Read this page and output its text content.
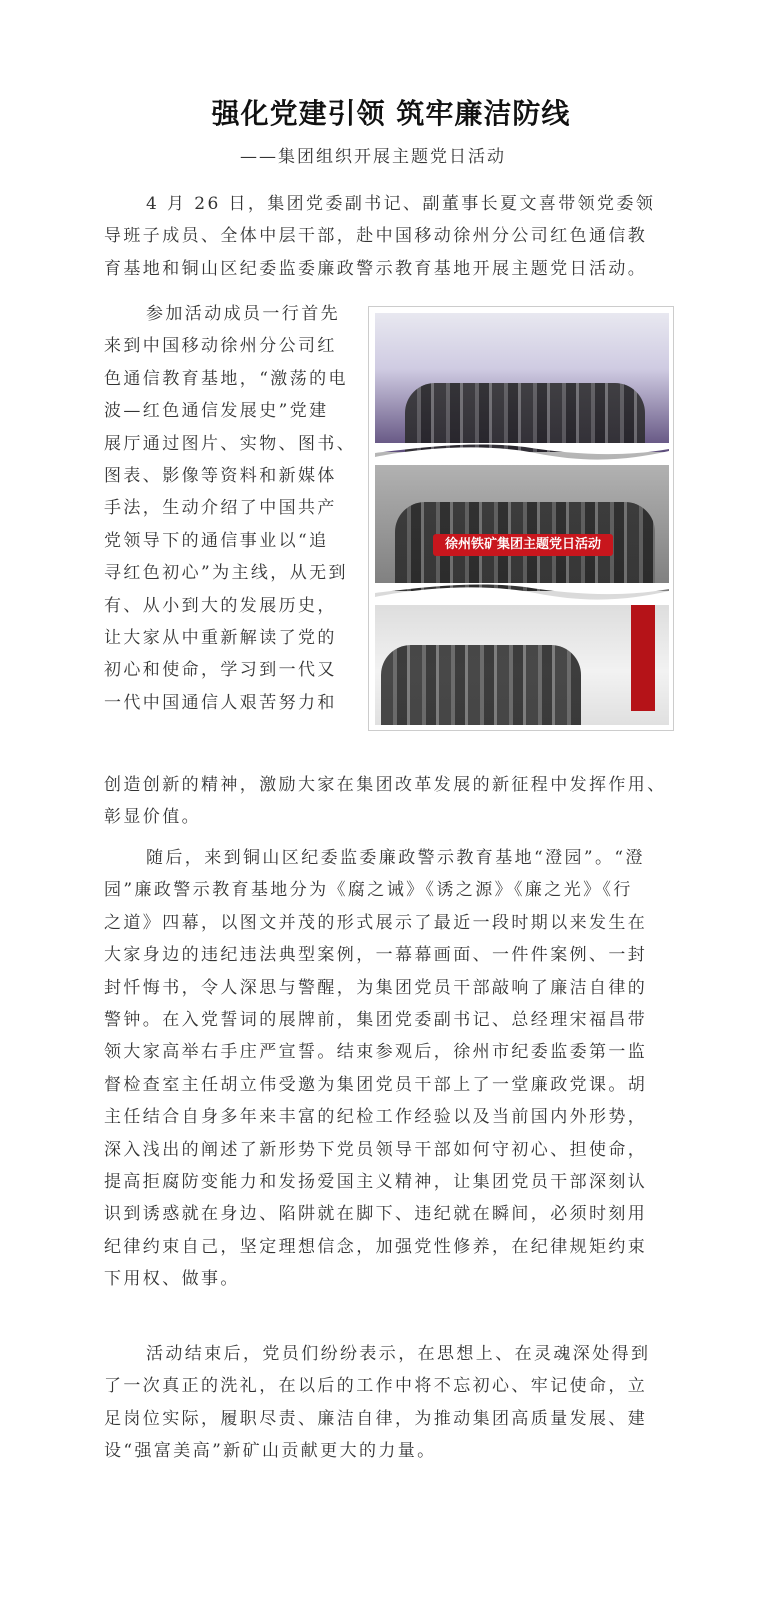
强化党建引领 筑牢廉洁防线
——集团组织开展主题党日活动
4 月 26 日，集团党委副书记、副董事长夏文喜带领党委领
导班子成员、全体中层干部，赴中国移动徐州分公司红色通信教
育基地和铜山区纪委监委廉政警示教育基地开展主题党日活动。
参加活动成员一行首先
来到中国移动徐州分公司红
色通信教育基地，“激荡的电
波—红色通信发展史”党建
展厅通过图片、实物、图书、
图表、影像等资料和新媒体
手法，生动介绍了中国共产
党领导下的通信事业以“追
寻红色初心”为主线，从无到
有、从小到大的发展历史，
让大家从中重新解读了党的
初心和使命，学习到一代又
一代中国通信人艰苦努力和
徐州铁矿集团主题党日活动
创造创新的精神，激励大家在集团改革发展的新征程中发挥作用、
彰显价值。
随后，来到铜山区纪委监委廉政警示教育基地“澄园”。“澄
园”廉政警示教育基地分为《腐之诫》《诱之源》《廉之光》《行
之道》四幕，以图文并茂的形式展示了最近一段时期以来发生在
大家身边的违纪违法典型案例，一幕幕画面、一件件案例、一封
封忏悔书，令人深思与警醒，为集团党员干部敲响了廉洁自律的
警钟。在入党誓词的展牌前，集团党委副书记、总经理宋福昌带
领大家高举右手庄严宣誓。结束参观后，徐州市纪委监委第一监
督检查室主任胡立伟受邀为集团党员干部上了一堂廉政党课。胡
主任结合自身多年来丰富的纪检工作经验以及当前国内外形势，
深入浅出的阐述了新形势下党员领导干部如何守初心、担使命，
提高拒腐防变能力和发扬爱国主义精神，让集团党员干部深刻认
识到诱惑就在身边、陷阱就在脚下、违纪就在瞬间，必须时刻用
纪律约束自己，坚定理想信念，加强党性修养，在纪律规矩约束
下用权、做事。
活动结束后，党员们纷纷表示，在思想上、在灵魂深处得到
了一次真正的洗礼，在以后的工作中将不忘初心、牢记使命，立
足岗位实际，履职尽责、廉洁自律，为推动集团高质量发展、建
设“强富美高”新矿山贡献更大的力量。
